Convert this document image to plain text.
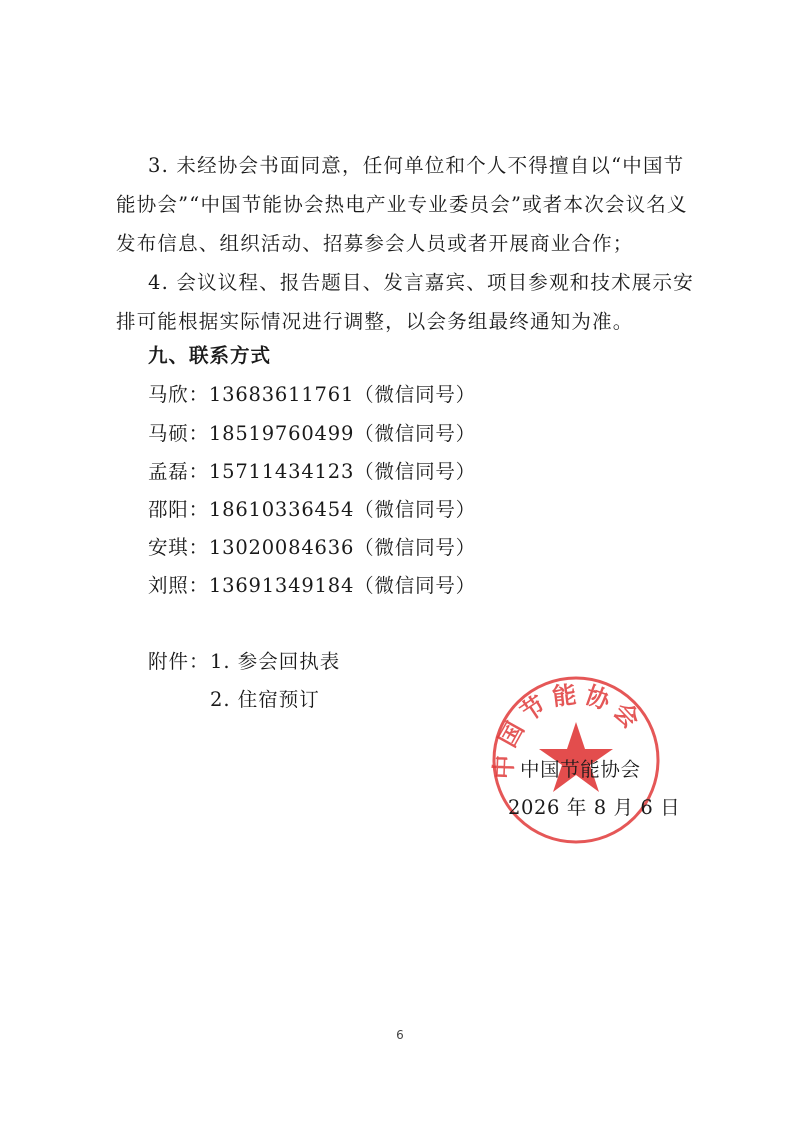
3. 未经协会书面同意，任何单位和个人不得擅自以“中国节能协会”“中国节能协会热电产业专业委员会”或者本次会议名义发布信息、组织活动、招募参会人员或者开展商业合作；

4. 会议议程、报告题目、发言嘉宾、项目参观和技术展示安排可能根据实际情况进行调整，以会务组最终通知为准。

九、联系方式

马欣：13683611761（微信同号）

马硕：18519760499（微信同号）

孟磊：15711434123（微信同号）

邵阳：18610336454（微信同号）

安琪：13020084636（微信同号）

刘照：13691349184（微信同号）

附件： 1. 参会回执表

2. 住宿预订

中国节能协会

中国节能协会

2026 年 8 月 6 日

6
